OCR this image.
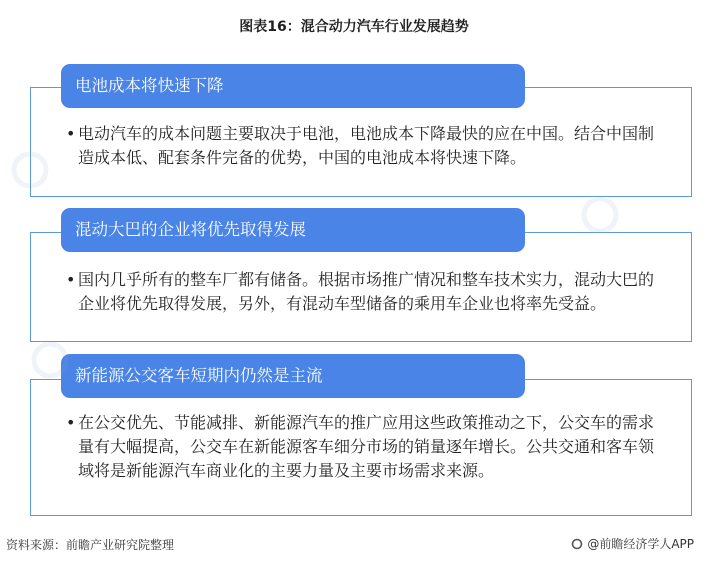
图表16：混合动力汽车行业发展趋势
电池成本将快速下降
• 电动汽车的成本问题主要取决于电池，电池成本下降最快的应在中国。结合中国制造成本低、配套条件完备的优势，中国的电池成本将快速下降。
混动大巴的企业将优先取得发展
• 国内几乎所有的整车厂都有储备。根据市场推广情况和整车技术实力，混动大巴的企业将优先取得发展，另外，有混动车型储备的乘用车企业也将率先受益。
新能源公交客车短期内仍然是主流
• 在公交优先、节能减排、新能源汽车的推广应用这些政策推动之下，公交车的需求量有大幅提高，公交车在新能源客车细分市场的销量逐年增长。公共交通和客车领域将是新能源汽车商业化的主要力量及主要市场需求来源。
资料来源：前瞻产业研究院整理	@前瞻经济学人APP
